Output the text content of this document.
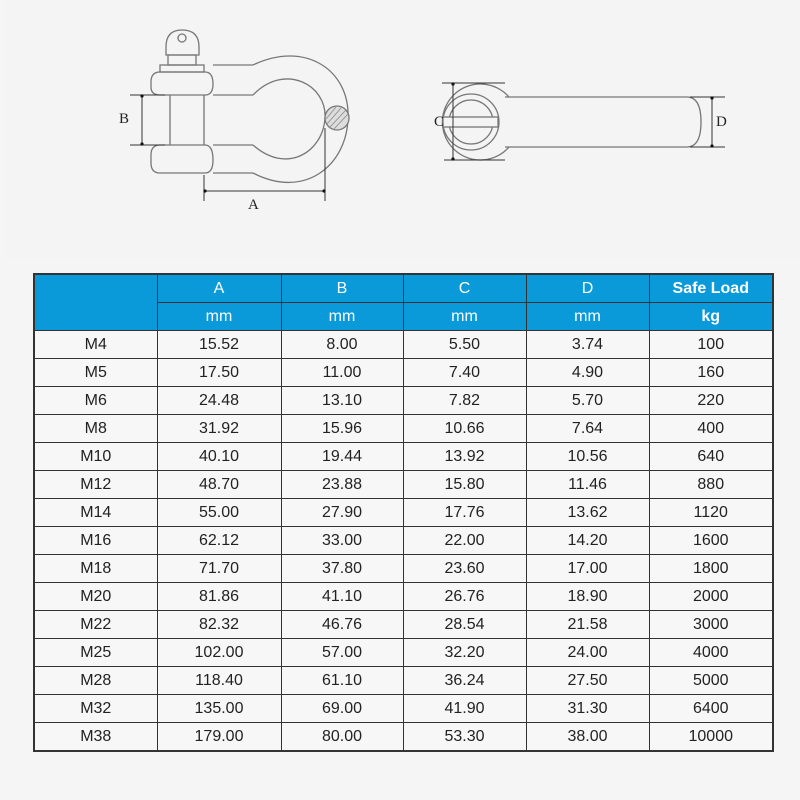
B
A
C	D
	A	B	C	D	Safe Load
	mm	mm	mm	mm	kg
M4	15.52	8.00	5.50	3.74	100
M5	17.50	11.00	7.40	4.90	160
M6	24.48	13.10	7.82	5.70	220
M8	31.92	15.96	10.66	7.64	400
M10	40.10	19.44	13.92	10.56	640
M12	48.70	23.88	15.80	11.46	880
M14	55.00	27.90	17.76	13.62	1120
M16	62.12	33.00	22.00	14.20	1600
M18	71.70	37.80	23.60	17.00	1800
M20	81.86	41.10	26.76	18.90	2000
M22	82.32	46.76	28.54	21.58	3000
M25	102.00	57.00	32.20	24.00	4000
M28	118.40	61.10	36.24	27.50	5000
M32	135.00	69.00	41.90	31.30	6400
M38	179.00	80.00	53.30	38.00	10000
